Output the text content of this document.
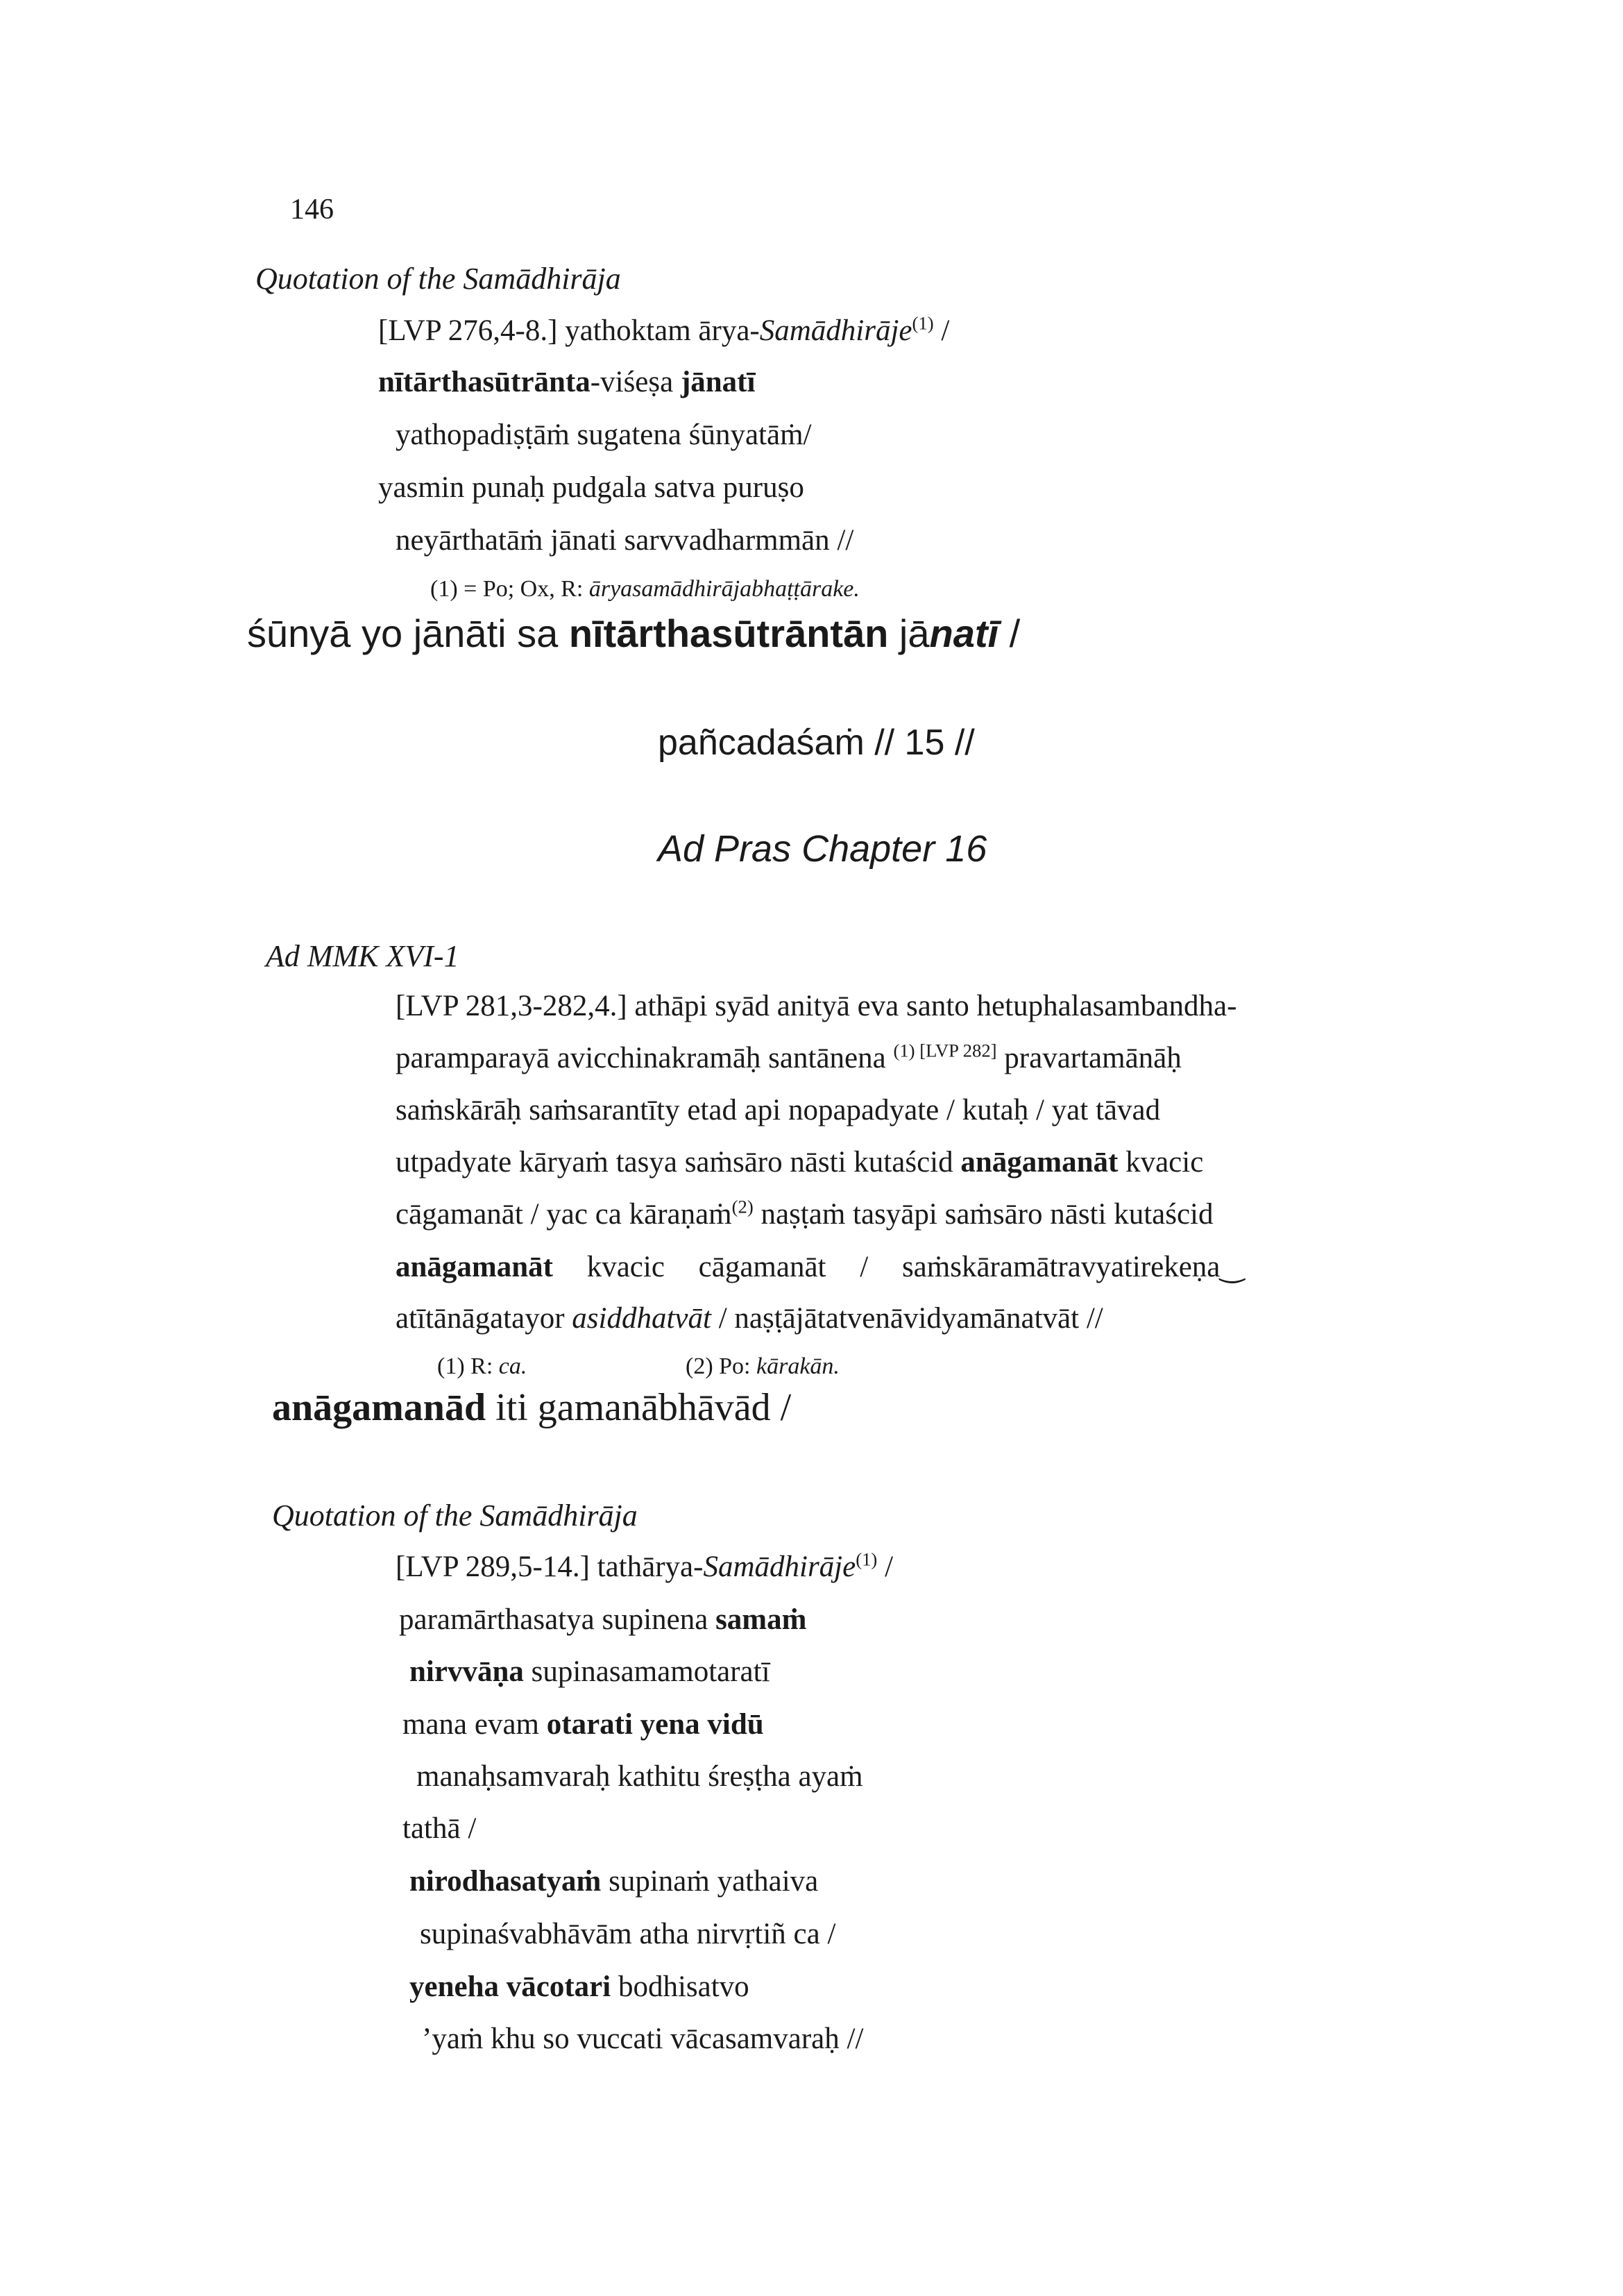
146
Quotation of the Samādhirāja
[LVP 276,4-8.] yathoktam ārya-Samādhirāje$^{(1)}$ /
nītārthasūtrānta-viśeṣa jānatī
yathopadiṣṭāṁ sugatena śūnyatāṁ/
yasmin punaḥ pudgala satva puruṣo
neyārthatāṁ jānati sarvvadharmmān //
(1) = Po; Ox, R: āryasamādhirājabhaṭṭārake.
śūnyā yo jānāti sa nītārthasūtrāntān jānatī /
pañcadaśaṁ // 15 //
Ad Pras Chapter 16
Ad MMK XVI-1
[LVP 281,3-282,4.] athāpi syād anityā eva santo hetuphalasambandha-
paramparayā avicchinakramāḥ santānena $^{(1) [LVP 282]}$ pravartamānāḥ
saṁskārāḥ saṁsarantīty etad api nopapadyate / kutaḥ / yat tāvad
utpadyate kāryaṁ tasya saṁsāro nāsti kutaścid anāgamanāt kvacic
cāgamanāt / yac ca kāraṇaṁ$^{(2)}$ naṣṭaṁ tasyāpi saṁsāro nāsti kutaścid
anāgamanāt kvacic cāgamanāt / saṁskāramātravyatirekeṇa‿
atītānāgatayor asiddhatvāt / naṣṭājātatvenāvidyamānatvāt //
(1) R: ca.	(2) Po: kārakān.
anāgamanād iti gamanābhāvād /
Quotation of the Samādhirāja
[LVP 289,5-14.] tathārya-Samādhirāje$^{(1)}$ /
paramārthasatya supinena samaṁ
nirvvāṇa supinasamamotaratī
mana evam otarati yena vidū
manaḥsamvaraḥ kathitu śreṣṭha ayaṁ
tathā /
nirodhasatyaṁ supinaṁ yathaiva
supinaśvabhāvām atha nirvṛtiñ ca /
yeneha vācotari bodhisatvo
’yaṁ khu so vuccati vācasamvaraḥ //
